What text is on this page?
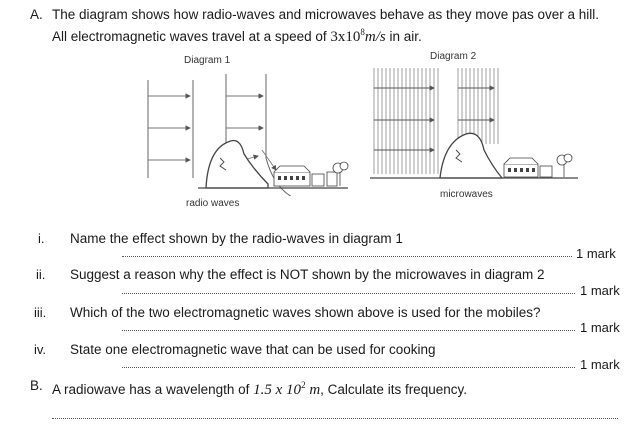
A. The diagram shows how radio-waves and microwaves behave as they move pas over a hill.
All electromagnetic waves travel at a speed of $3x10^8m/s$ in air.
Diagram 1
radio waves
Diagram 2
microwaves
i. Name the effect shown by the radio-waves in diagram 1
1 mark
ii. Suggest a reason why the effect is NOT shown by the microwaves in diagram 2
1 mark
iii. Which of the two electromagnetic waves shown above is used for the mobiles?
1 mark
iv. State one electromagnetic wave that can be used for cooking
1 mark
B. A radiowave has a wavelength of 1.5 x $10^2$ m, Calculate its frequency.
